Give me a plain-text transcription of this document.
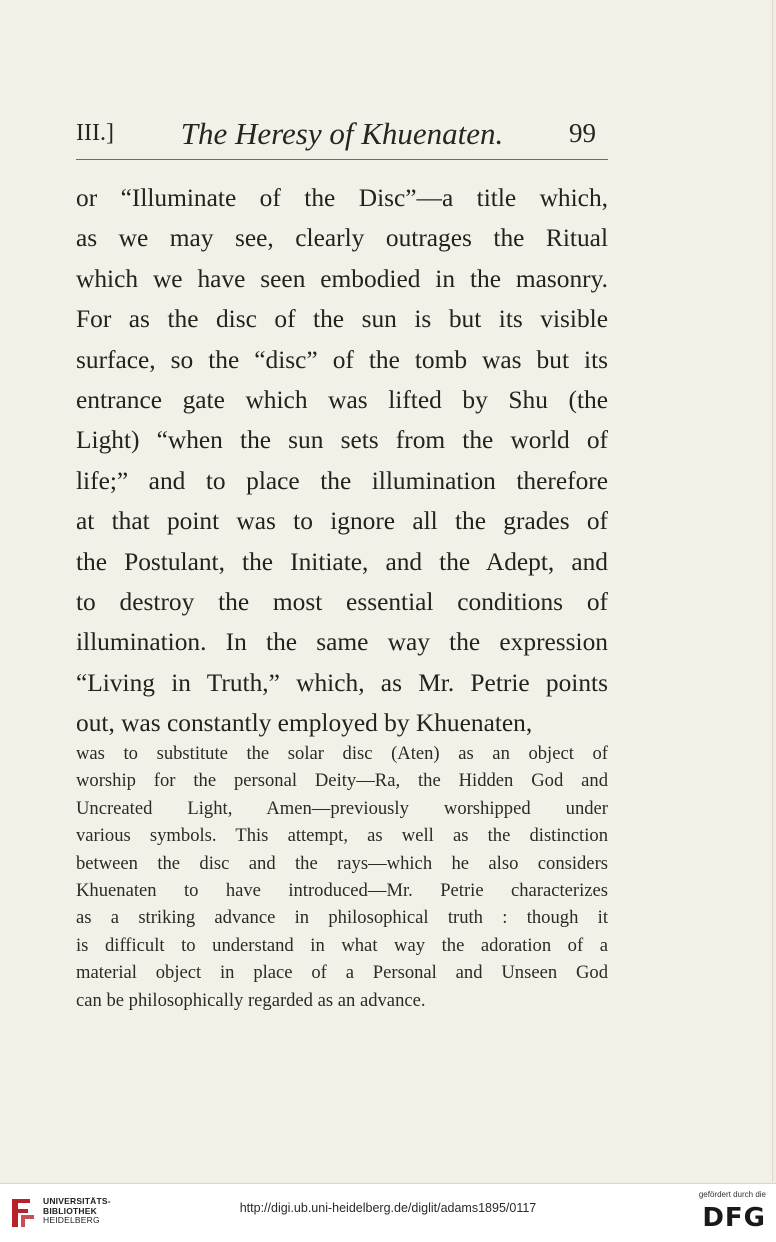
III.]	The Heresy of Khuenaten.	99
or “Illuminate of the Disc”—a title which,
as we may see, clearly outrages the Ritual
which we have seen embodied in the masonry.
For as the disc of the sun is but its visible
surface, so the “disc” of the tomb was but its
entrance gate which was lifted by Shu (the
Light) “when the sun sets from the world of
life;” and to place the illumination therefore
at that point was to ignore all the grades of
the Postulant, the Initiate, and the Adept, and
to destroy the most essential conditions of
illumination. In the same way the expression
“Living in Truth,” which, as Mr. Petrie points
out, was constantly employed by Khuenaten,
was to substitute the solar disc (Aten) as an object of
worship for the personal Deity—Ra, the Hidden God and
Uncreated Light, Amen—previously worshipped under
various symbols. This attempt, as well as the distinction
between the disc and the rays—which he also considers
Khuenaten to have introduced—Mr. Petrie characterizes
as a striking advance in philosophical truth : though it
is difficult to understand in what way the adoration of a
material object in place of a Personal and Unseen God
can be philosophically regarded as an advance.
UNIVERSITÄTS-
BIBLIOTHEK
HEIDELBERG
http://digi.ub.uni-heidelberg.de/diglit/adams1895/0117
gefördert durch die
DFG
